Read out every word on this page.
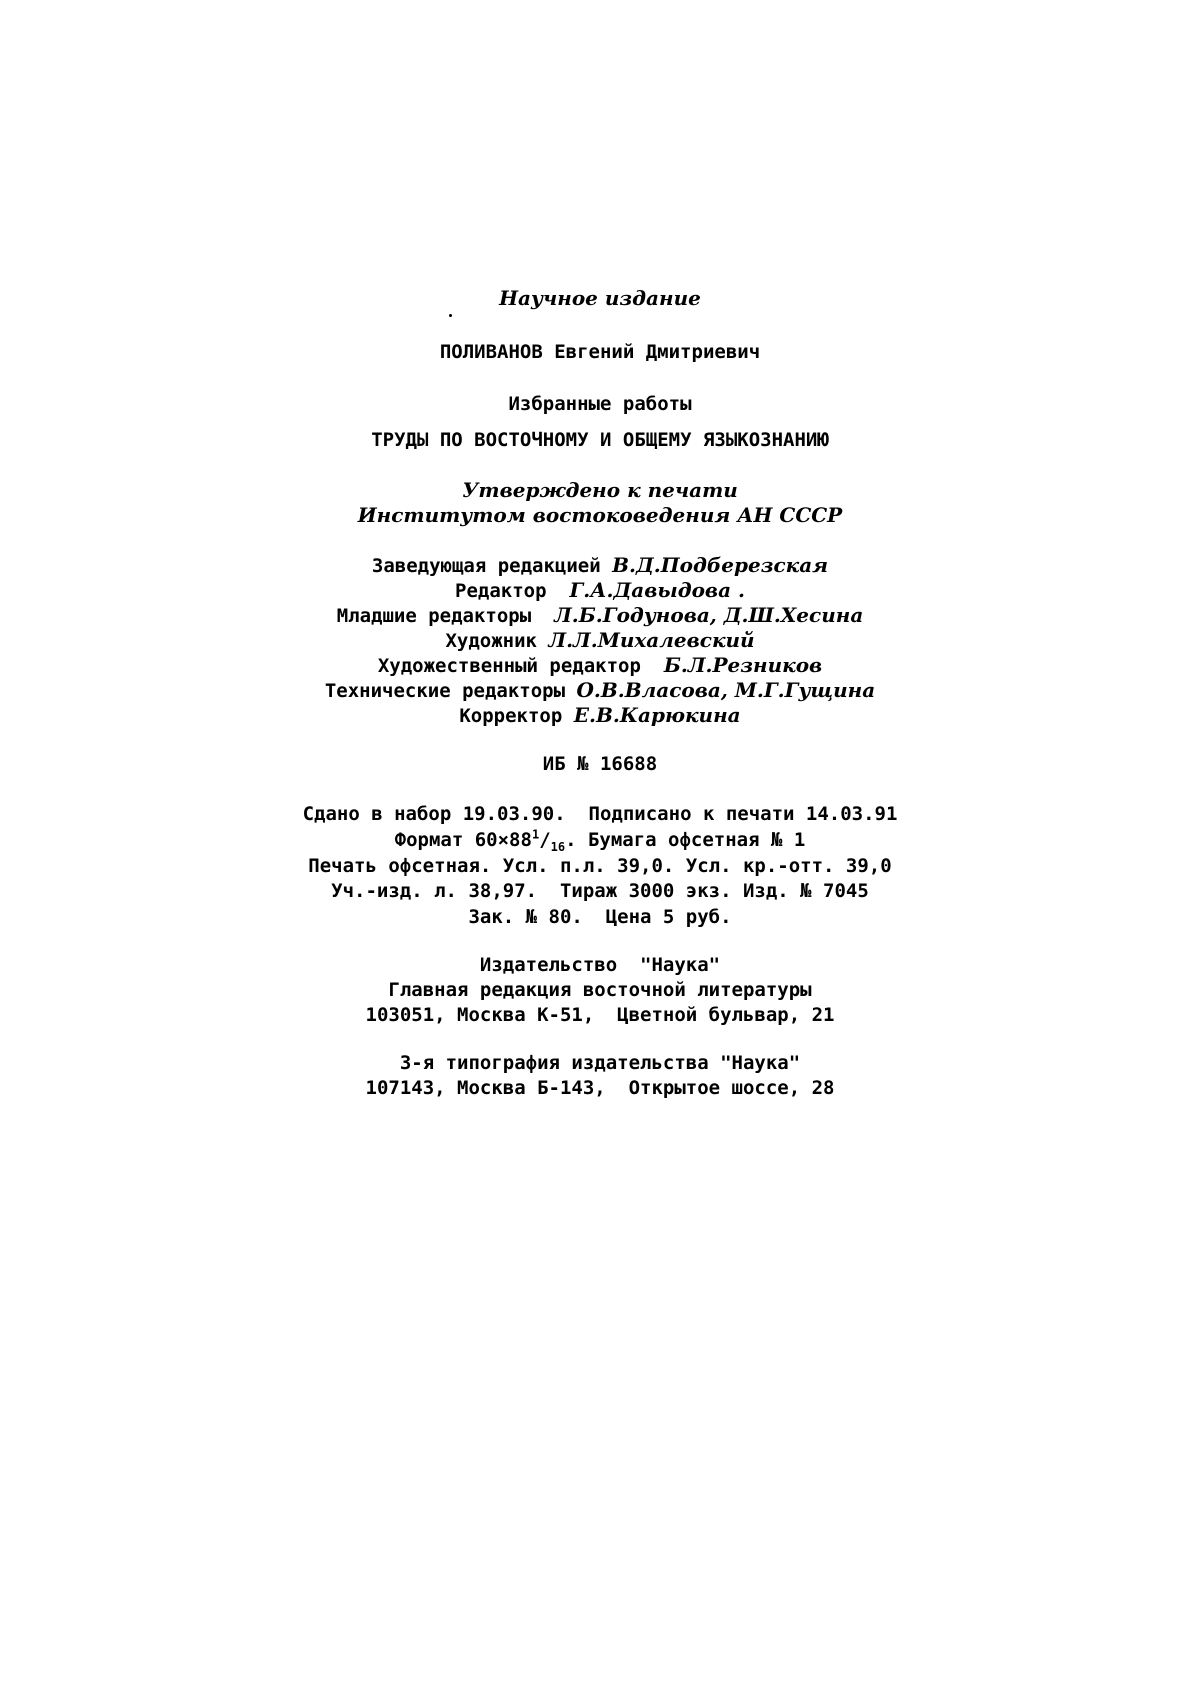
Научное издание
ПОЛИВАНОВ Евгений Дмитриевич
Избранные работы
ТРУДЫ ПО ВОСТОЧНОМУ И ОБЩЕМУ ЯЗЫКОЗНАНИЮ
Утверждено к печати
Институтом востоковедения АН СССР
Заведующая редакцией В.Д.Подберезская
Редактор Г.А.Давыдова .
Младшие редакторы Л.Б.Годунова, Д.Ш.Хесина
Художник Л.Л.Михалевский
Художественный редактор Б.Л.Резников
Технические редакторы О.В.Власова, М.Г.Гущина
Корректор Е.В.Карюкина
ИБ № 16688
Сдано в набор 19.03.90.  Подписано к печати 14.03.91
Формат $60\times 88^1/_{16}$. Бумага офсетная № 1
Печать офсетная. Усл. п.л. 39,0. Усл. кр.-отт. 39,0
Уч.-изд. л. 38,97.  Тираж 3000 экз. Изд. № 7045
Зак. № 80.  Цена 5 руб.
Издательство  "Наука"
Главная редакция восточной литературы
103051, Москва К-51,  Цветной бульвар, 21
3-я типография издательства "Наука"
107143, Москва Б-143,  Открытое шоссе, 28
